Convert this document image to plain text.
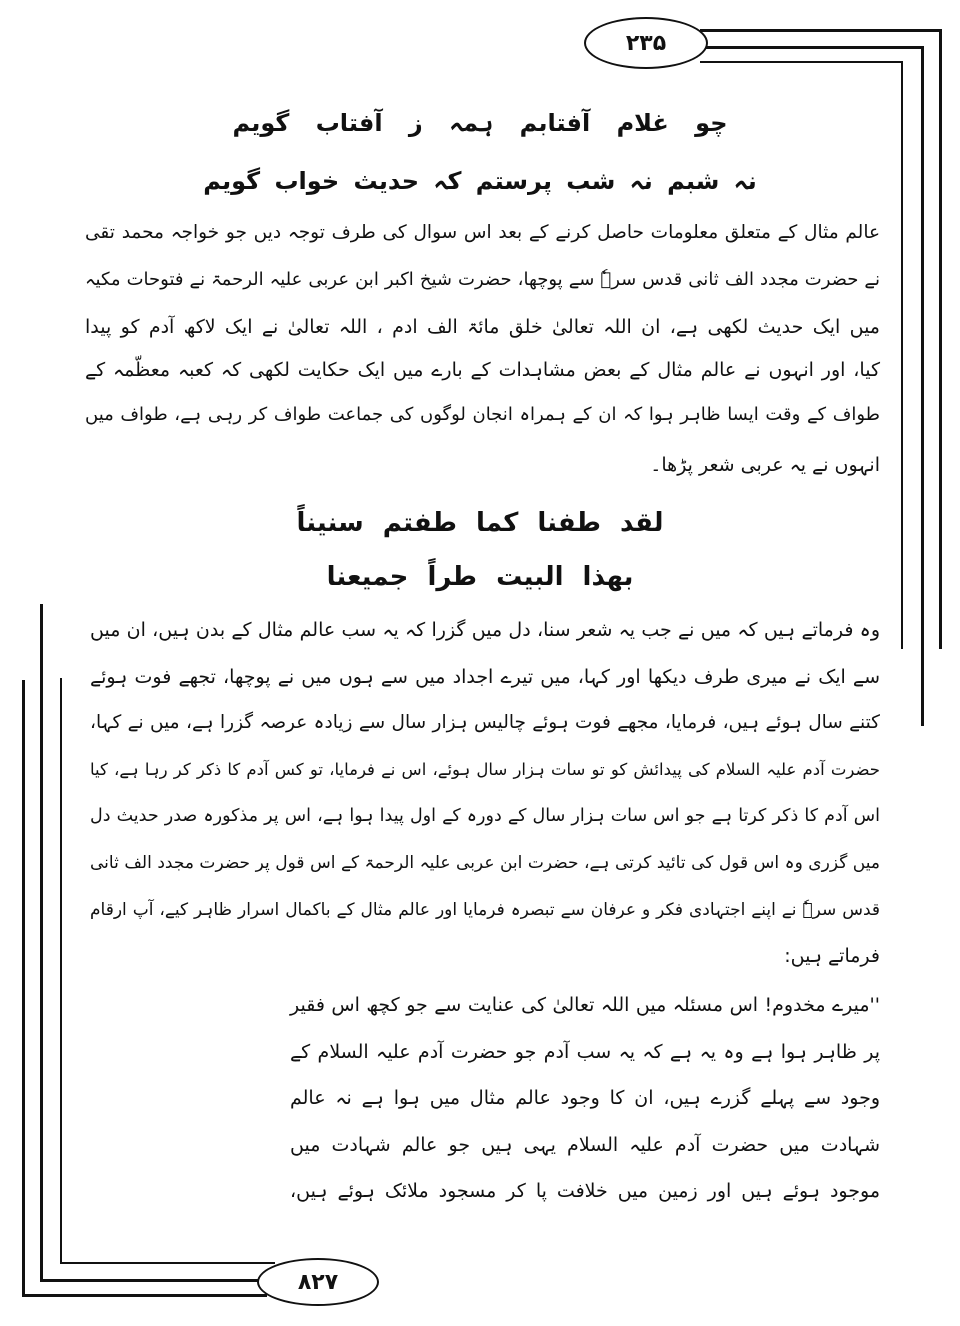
۲۳۵
۸۲۷
چو غلام آفتابم ہمہ ز آفتاب گویم
نہ شبم نہ شب پرستم کہ حدیث خواب گویم
عالم مثال کے متعلق معلومات حاصل کرنے کے بعد اس سوال کی طرف توجہ دیں جو خواجہ محمد تقی
نے حضرت مجدد الف ثانی قدس سرہٗ سے پوچھا، حضرت شیخ اکبر ابن عربی علیہ الرحمۃ نے فتوحات مکیہ
میں ایک حدیث لکھی ہے، ان اللہ تعالیٰ خلق مائۃ الف ادم ، اللہ تعالیٰ نے ایک لاکھ آدم کو پیدا
کیا، اور انہوں نے عالم مثال کے بعض مشاہدات کے بارے میں ایک حکایت لکھی کہ کعبہ معظّمہ کے
طواف کے وقت ایسا ظاہر ہوا کہ ان کے ہمراہ انجان لوگوں کی جماعت طواف کر رہی ہے، طواف میں
انہوں نے یہ عربی شعر پڑھا۔
لقد طفنا کما طفتم سنیناً
بھذا البیت طراً جمیعنا
وہ فرماتے ہیں کہ میں نے جب یہ شعر سنا، دل میں گزرا کہ یہ سب عالم مثال کے بدن ہیں، ان میں
سے ایک نے میری طرف دیکھا اور کہا، میں تیرے اجداد میں سے ہوں میں نے پوچھا، تجھے فوت ہوئے
کتنے سال ہوئے ہیں، فرمایا، مجھے فوت ہوئے چالیس ہزار سال سے زیادہ عرصہ گزرا ہے، میں نے کہا،
حضرت آدم علیہ السلام کی پیدائش کو تو سات ہزار سال ہوئے، اس نے فرمایا، تو کس آدم کا ذکر کر رہا ہے، کیا
اس آدم کا ذکر کرتا ہے جو اس سات ہزار سال کے دورہ کے اول پیدا ہوا ہے، اس پر مذکورہ صدر حدیث دل
میں گزری وہ اس قول کی تائید کرتی ہے، حضرت ابن عربی علیہ الرحمۃ کے اس قول پر حضرت مجدد الف ثانی
قدس سرہٗ نے اپنے اجتہادی فکر و عرفان سے تبصرہ فرمایا اور عالم مثال کے باکمال اسرار ظاہر کیے، آپ ارقام
فرماتے ہیں:
''میرے مخدوم! اس مسئلہ میں اللہ تعالیٰ کی عنایت سے جو کچھ اس فقیر
پر ظاہر ہوا ہے وہ یہ ہے کہ یہ سب آدم جو حضرت آدم علیہ السلام کے
وجود سے پہلے گزرے ہیں، ان کا وجود عالم مثال میں ہوا ہے نہ عالم
شہادت میں حضرت آدم علیہ السلام یہی ہیں جو عالم شہادت میں
موجود ہوئے ہیں اور زمین میں خلافت پا کر مسجود ملائک ہوئے ہیں،
